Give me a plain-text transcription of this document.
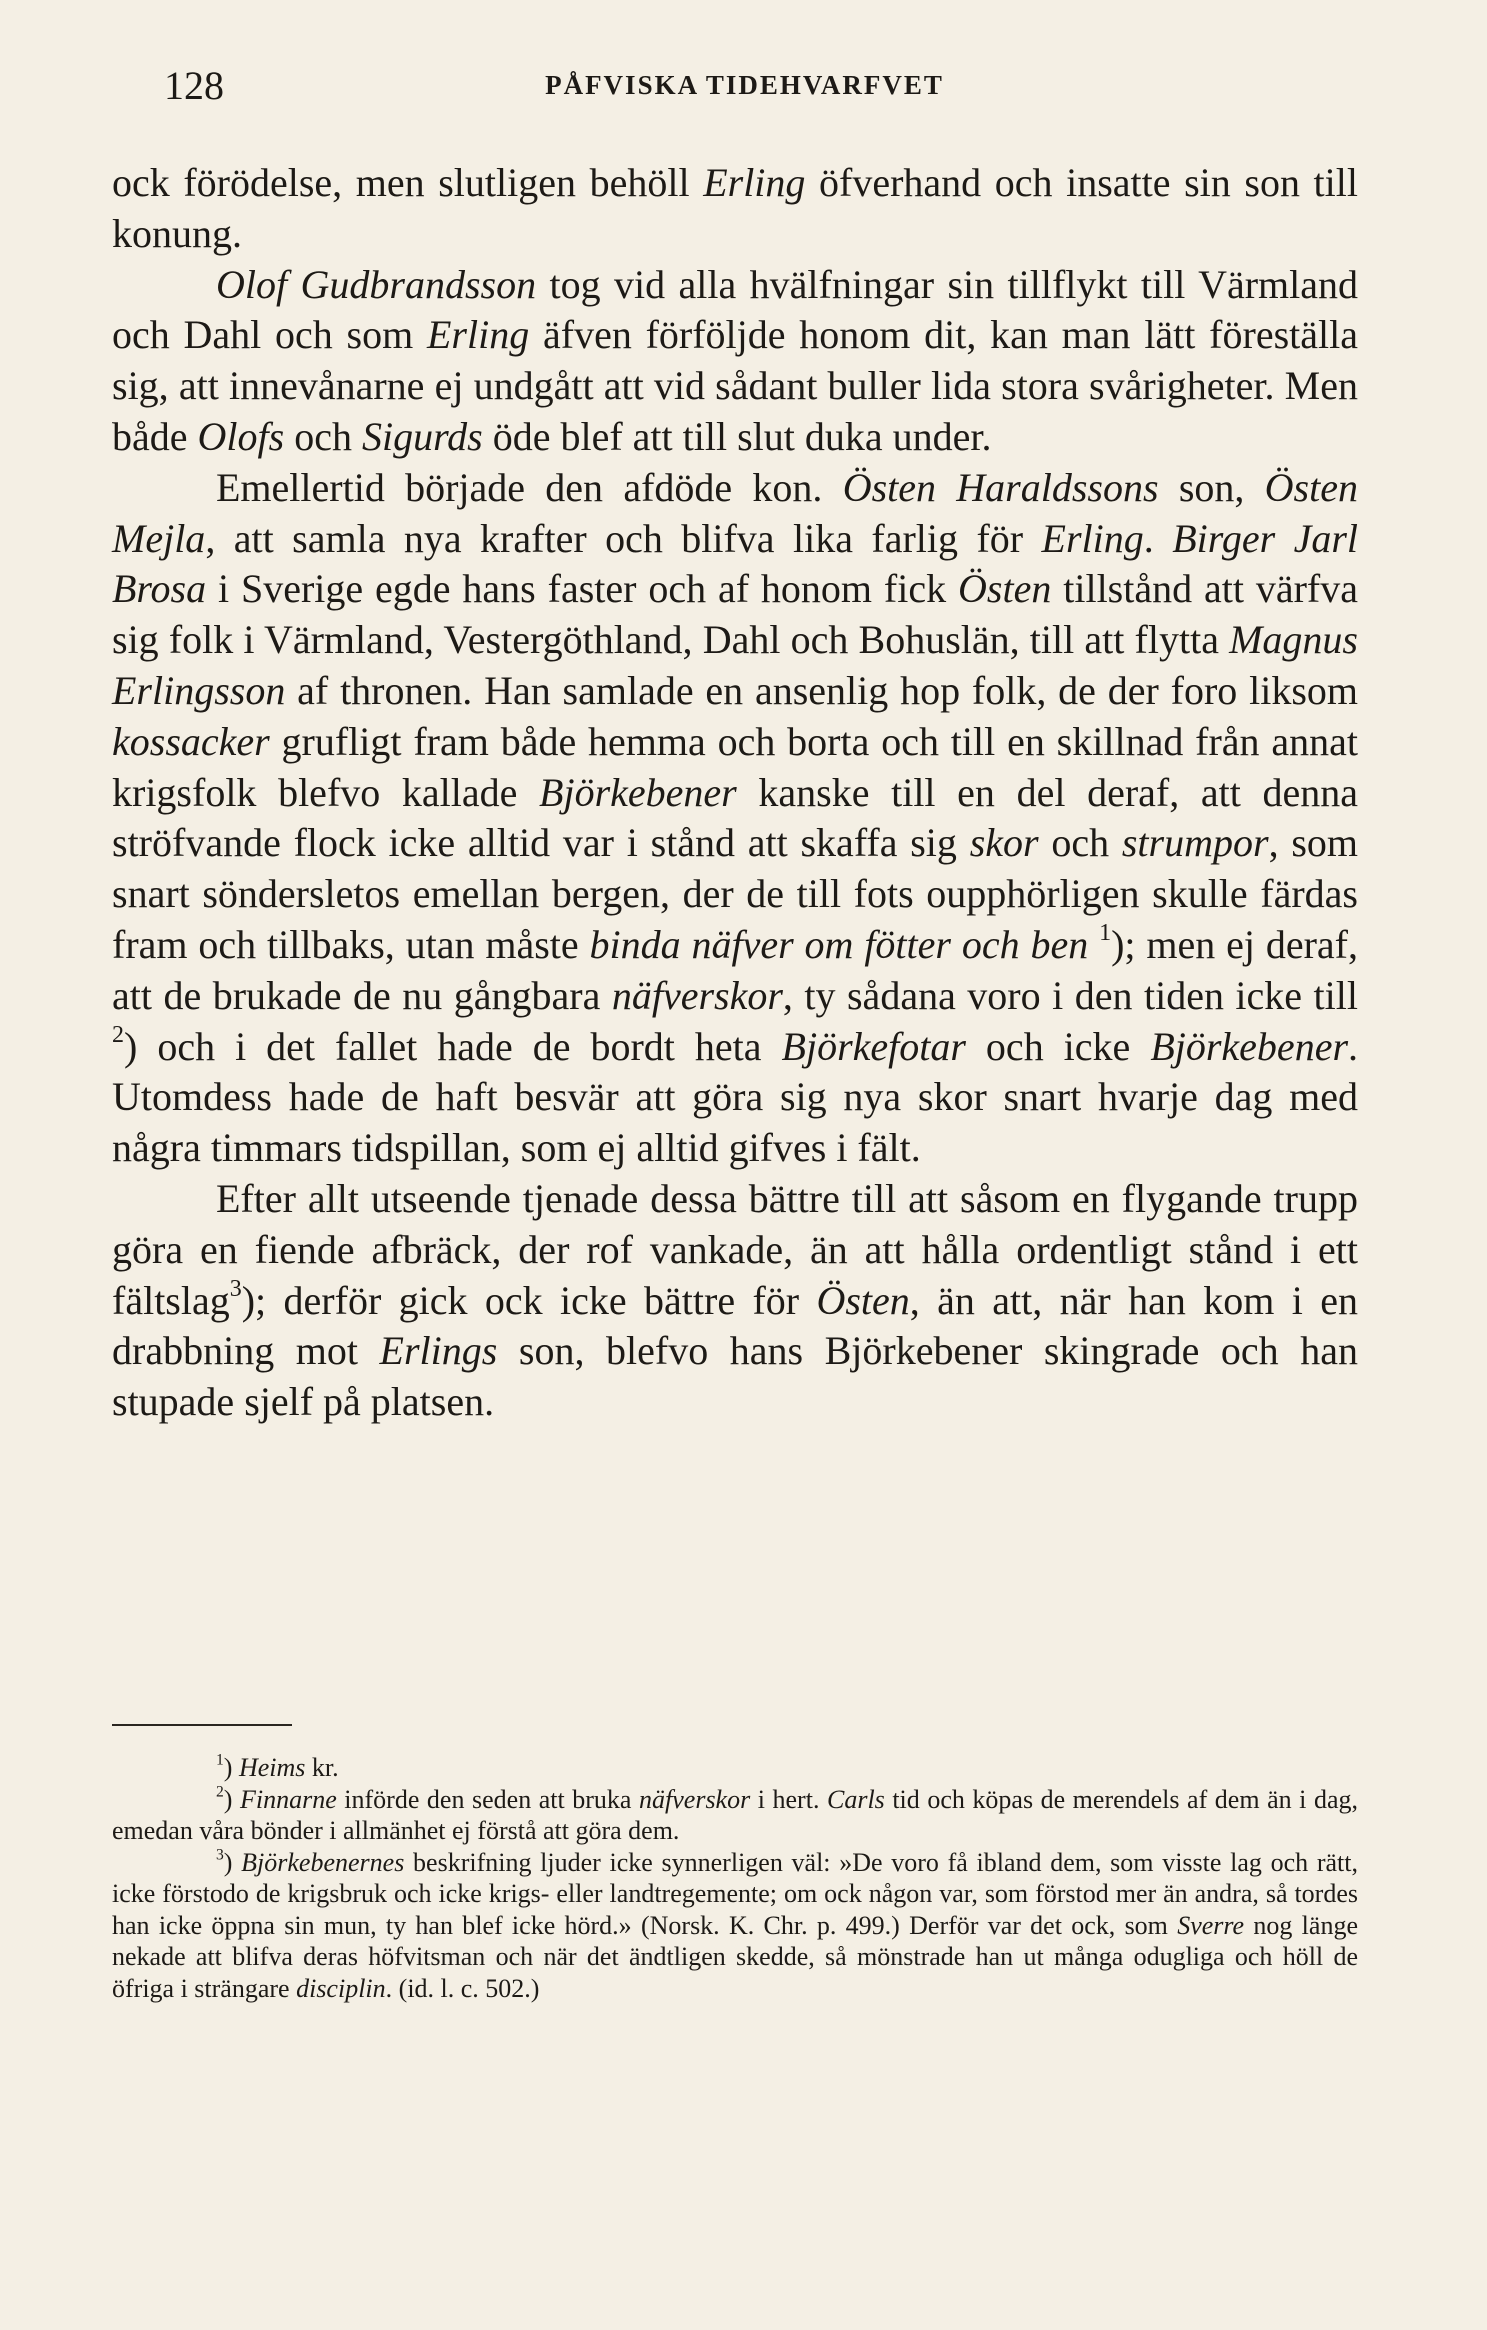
128	PÅFVISKA TIDEHVARFVET

ock förödelse, men slutligen behöll Erling öfverhand och insatte sin son till konung.

Olof Gudbrandsson tog vid alla hvälfningar sin tillflykt till Värmland och Dahl och som Erling äfven förföljde honom dit, kan man lätt föreställa sig, att innevånarne ej undgått att vid sådant buller lida stora svårigheter. Men både Olofs och Sigurds öde blef att till slut duka under.

Emellertid började den afdöde kon. Östen Haraldssons son, Östen Mejla, att samla nya krafter och blifva lika farlig för Erling. Birger Jarl Brosa i Sverige egde hans faster och af honom fick Östen tillstånd att värfva sig folk i Värmland, Vestergöthland, Dahl och Bohuslän, till att flytta Magnus Erlingsson af thronen. Han samlade en ansenlig hop folk, de der foro liksom kossacker grufligt fram både hemma och borta och till en skillnad från annat krigsfolk blefvo kallade Björkebener kanske till en del deraf, att denna ströfvande flock icke alltid var i stånd att skaffa sig skor och strumpor, som snart söndersletos emellan bergen, der de till fots oupphörligen skulle färdas fram och tillbaks, utan måste binda näfver om fötter och ben $^1$); men ej deraf, att de brukade de nu gångbara näfverskor, ty sådana voro i den tiden icke till $^2$) och i det fallet hade de bordt heta Björkefotar och icke Björkebener. Utomdess hade de haft besvär att göra sig nya skor snart hvarje dag med några timmars tidspillan, som ej alltid gifves i fält.

Efter allt utseende tjenade dessa bättre till att såsom en flygande trupp göra en fiende afbräck, der rof vankade, än att hålla ordentligt stånd i ett fältslag$^3$); derför gick ock icke bättre för Östen, än att, när han kom i en drabbning mot Erlings son, blefvo hans Björkebener skingrade och han stupade sjelf på platsen.

$^1$) Heims kr.

$^2$) Finnarne införde den seden att bruka näfverskor i hert. Carls tid och köpas de merendels af dem än i dag, emedan våra bönder i allmänhet ej förstå att göra dem.

$^3$) Björkebenernes beskrifning ljuder icke synnerligen väl: »De voro få ibland dem, som visste lag och rätt, icke förstodo de krigsbruk och icke krigs- eller landtregemente; om ock någon var, som förstod mer än andra, så tordes han icke öppna sin mun, ty han blef icke hörd.» (Norsk. K. Chr. p. 499.) Derför var det ock, som Sverre nog länge nekade att blifva deras höfvitsman och när det ändtligen skedde, så mönstrade han ut många odugliga och höll de öfriga i strängare disciplin. (id. l. c. 502.)
